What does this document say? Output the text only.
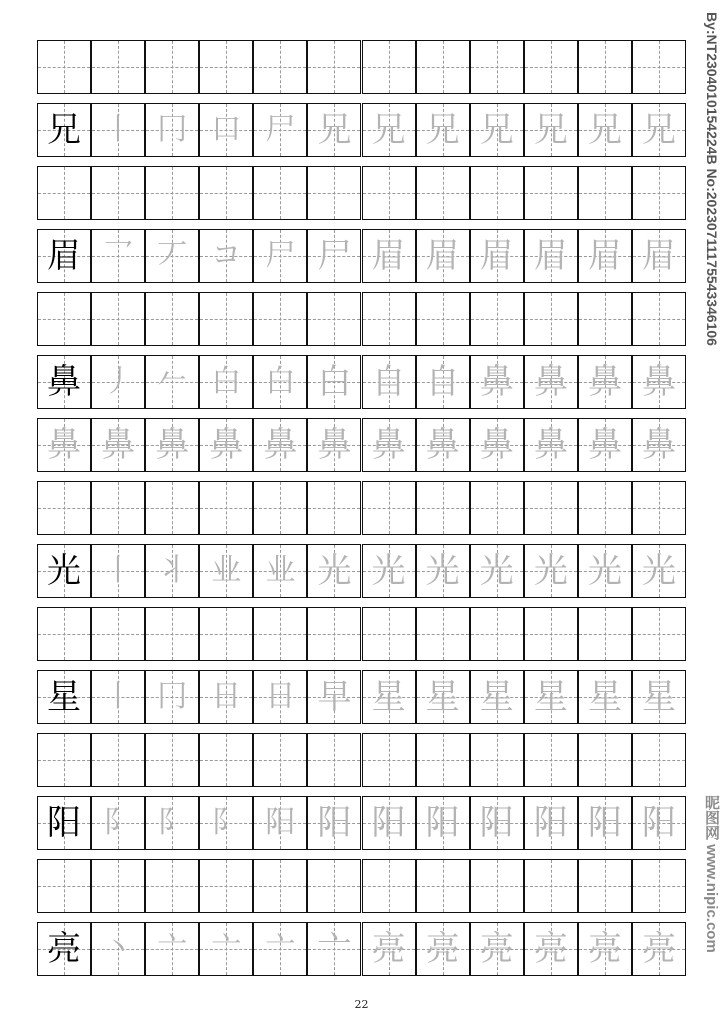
兄 丨 冂 口 尸 兄 兄 兄 兄 兄 兄 兄
眉 乛 丆 コ 尸 尸 眉 眉 眉 眉 眉 眉
鼻 丿 𠂉 白 白 白 自 自 鼻 鼻 鼻 鼻
鼻 鼻 鼻 鼻 鼻 鼻 鼻 鼻 鼻 鼻 鼻 鼻
光 丨 丬 业 业 光 光 光 光 光 光 光
星 丨 冂 日 日 早 星 星 星 星 星 星
阳 阝 阝 阝 阳 阳 阳 阳 阳 阳 阳 阳
亮 丶 亠 亠 亠 亠 亮 亮 亮 亮 亮 亮
22
By:NT2304010154224B No:20230711175543346106
昵图网 www.nipic.com
